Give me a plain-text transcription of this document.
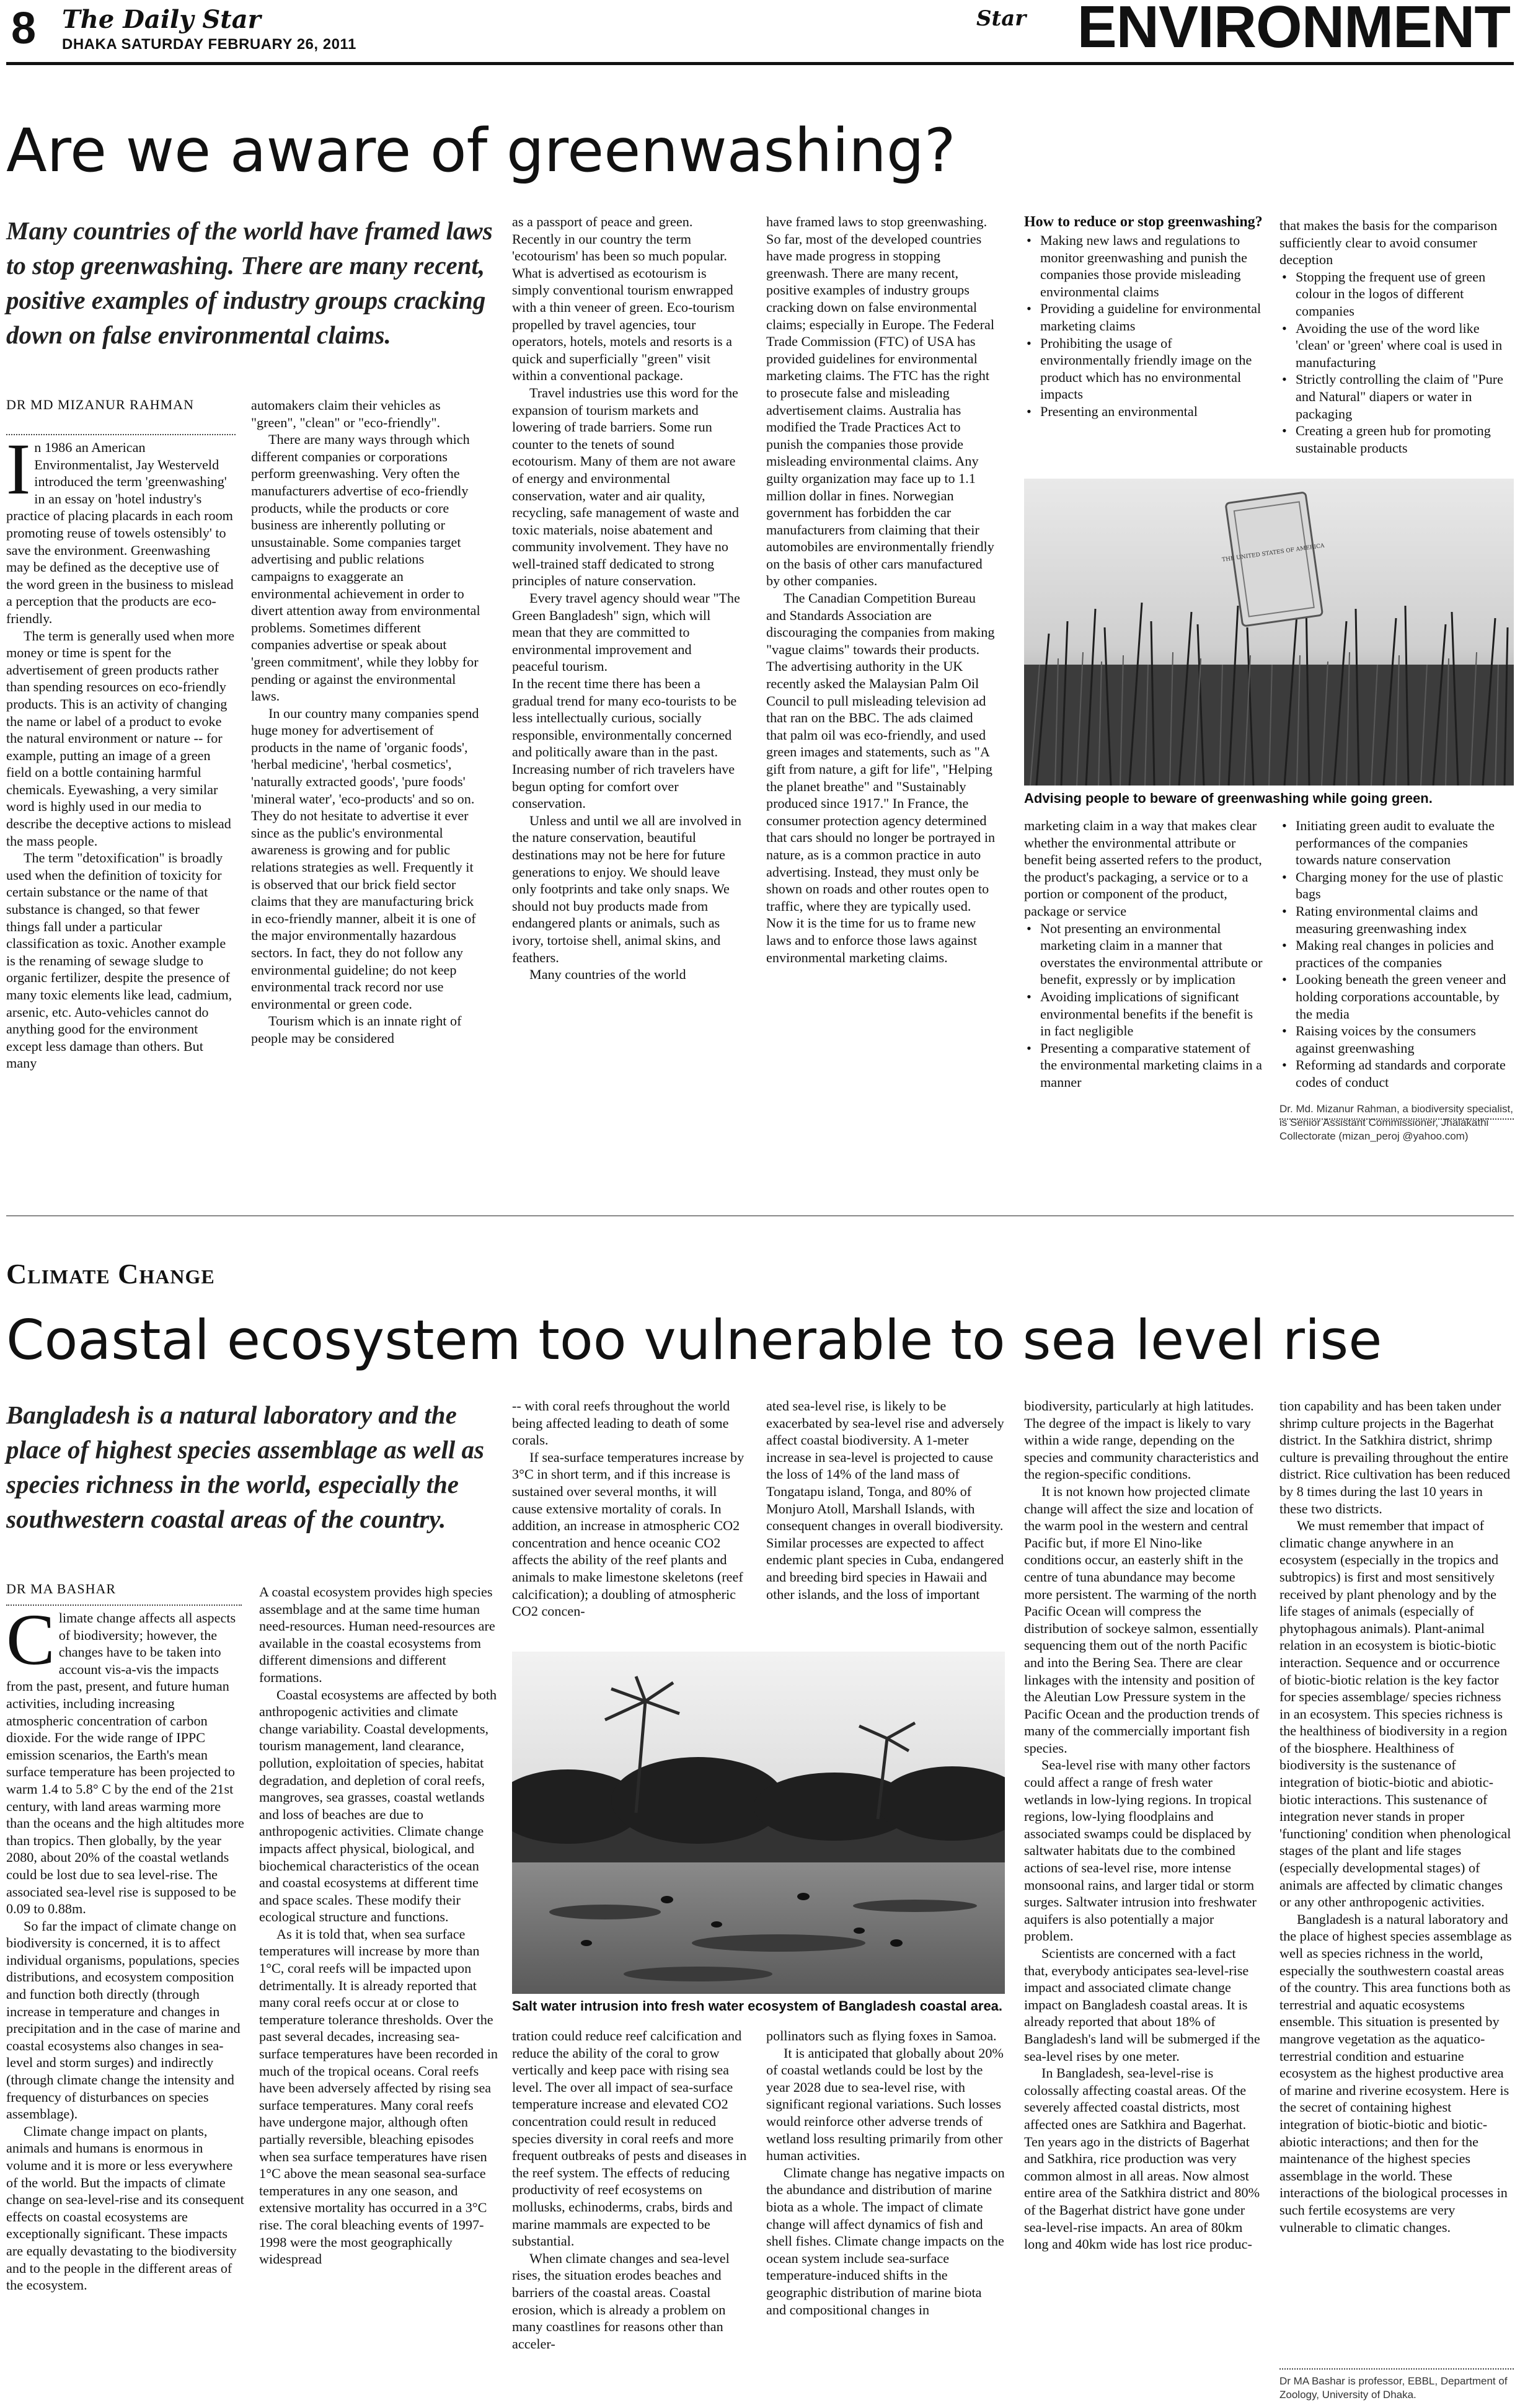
8 The Daily Star
DHAKA SATURDAY FEBRUARY 26, 2011
Star ENVIRONMENT
Are we aware of greenwashing?
Many countries of the world have framed laws to stop greenwashing. There are many recent, positive examples of industry groups cracking down on false environmental claims.
DR MD MIZANUR RAHMAN

In 1986 an American Environmentalist, Jay Westerveld introduced the term 'greenwashing' in an essay on 'hotel industry's practice of placing placards in each room promoting reuse of towels ostensibly' to save the environment. Greenwashing may be defined as the deceptive use of the word green in the business to mislead a perception that the products are eco-friendly.

The term is generally used when more money or time is spent for the advertisement of green products rather than spending resources on eco-friendly products. This is an activity of changing the name or label of a product to evoke the natural environment or nature -- for example, putting an image of a green field on a bottle containing harmful chemicals. Eyewashing, a very similar word is highly used in our media to describe the deceptive actions to mislead the mass people.

The term "detoxification" is broadly used when the definition of toxicity for certain substance or the name of that substance is changed, so that fewer things fall under a particular classification as toxic. Another example is the renaming of sewage sludge to organic fertilizer, despite the presence of many toxic elements like lead, cadmium, arsenic, etc. Auto-vehicles cannot do anything good for the environment except less damage than others. But many

automakers claim their vehicles as "green", "clean" or "eco-friendly".

There are many ways through which different companies or corporations perform greenwashing. Very often the manufacturers advertise of eco-friendly products, while the products or core business are inherently polluting or unsustainable. Some companies target advertising and public relations campaigns to exaggerate an environmental achievement in order to divert attention away from environmental problems. Sometimes different companies advertise or speak about 'green commitment', while they lobby for pending or against the environmental laws.

In our country many companies spend huge money for advertisement of products in the name of 'organic foods', 'herbal medicine', 'herbal cosmetics', 'naturally extracted goods', 'pure foods' 'mineral water', 'eco-products' and so on. They do not hesitate to advertise it ever since as the public's environmental awareness is growing and for public relations strategies as well. Frequently it is observed that our brick field sector claims that they are manufacturing brick in eco-friendly manner, albeit it is one of the major environmentally hazardous sectors. In fact, they do not follow any environmental guideline; do not keep environmental track record nor use environmental or green code.

Tourism which is an innate right of people may be considered

as a passport of peace and green. Recently in our country the term 'ecotourism' has been so much popular. What is advertised as ecotourism is simply conventional tourism enwrapped with a thin veneer of green. Eco-tourism propelled by travel agencies, tour operators, hotels, motels and resorts is a quick and superficially "green" visit within a conventional package.

Travel industries use this word for the expansion of tourism markets and lowering of trade barriers. Some run counter to the tenets of sound ecotourism. Many of them are not aware of energy and environmental conservation, water and air quality, recycling, safe management of waste and toxic materials, noise abatement and community involvement. They have no well-trained staff dedicated to strong principles of nature conservation.

Every travel agency should wear "The Green Bangladesh" sign, which will mean that they are committed to environmental improvement and peaceful tourism.

In the recent time there has been a gradual trend for many eco-tourists to be less intellectually curious, socially responsible, environmentally concerned and politically aware than in the past. Increasing number of rich travelers have begun opting for comfort over conservation.

Unless and until we all are involved in the nature conservation, beautiful destinations may not be here for future generations to enjoy. We should leave only footprints and take only snaps. We should not buy products made from endangered plants or animals, such as ivory, tortoise shell, animal skins, and feathers.

Many countries of the world

have framed laws to stop greenwashing. So far, most of the developed countries have made progress in stopping greenwash. There are many recent, positive examples of industry groups cracking down on false environmental claims; especially in Europe. The Federal Trade Commission (FTC) of USA has provided guidelines for environmental marketing claims. The FTC has the right to prosecute false and misleading advertisement claims. Australia has modified the Trade Practices Act to punish the companies those provide misleading environmental claims. Any guilty organization may face up to 1.1 million dollar in fines. Norwegian government has forbidden the car manufacturers from claiming that their automobiles are environmentally friendly on the basis of other cars manufactured by other companies.

The Canadian Competition Bureau and Standards Association are discouraging the companies from making "vague claims" towards their products. The advertising authority in the UK recently asked the Malaysian Palm Oil Council to pull misleading television ad that ran on the BBC. The ads claimed that palm oil was eco-friendly, and used green images and statements, such as "A gift from nature, a gift for life", "Helping the planet breathe" and "Sustainably produced since 1917." In France, the consumer protection agency determined that cars should no longer be portrayed in nature, as is a common practice in auto advertising. Instead, they must only be shown on roads and other routes open to traffic, where they are typically used. Now it is the time for us to frame new laws and to enforce those laws against environmental marketing claims.

How to reduce or stop greenwashing?
• Making new laws and regulations to monitor greenwashing and punish the companies those provide misleading environmental claims
• Providing a guideline for environmental marketing claims
• Prohibiting the usage of environmentally friendly image on the product which has no environmental impacts
• Presenting an environmental
that makes the basis for the comparison sufficiently clear to avoid consumer deception
• Stopping the frequent use of green colour in the logos of different companies
• Avoiding the use of the word like 'clean' or 'green' where coal is used in manufacturing
• Strictly controlling the claim of "Pure and Natural" diapers or water in packaging
• Creating a green hub for promoting sustainable products
THE UNITED STATES OF AMERICA
Advising people to beware of greenwashing while going green.
marketing claim in a way that makes clear whether the environmental attribute or benefit being asserted refers to the product, the product's packaging, a service or to a portion or component of the product, package or service
• Not presenting an environmental marketing claim in a manner that overstates the environmental attribute or benefit, expressly or by implication
• Avoiding implications of significant environmental benefits if the benefit is in fact negligible
• Presenting a comparative statement of the environmental marketing claims in a manner
• Initiating green audit to evaluate the performances of the companies towards nature conservation
• Charging money for the use of plastic bags
• Rating environmental claims and measuring greenwashing index
• Making real changes in policies and practices of the companies
• Looking beneath the green veneer and holding corporations accountable, by the media
• Raising voices by the consumers against greenwashing
• Reforming ad standards and corporate codes of conduct
Dr. Md. Mizanur Rahman, a biodiversity specialist, is Senior Assistant Commissioner, Jhalakathi Collectorate (mizan_peroj @yahoo.com)
Climate Change
Coastal ecosystem too vulnerable to sea level rise
Bangladesh is a natural laboratory and the place of highest species assemblage as well as species richness in the world, especially the southwestern coastal areas of the country.
DR MA BASHAR

Climate change affects all aspects of biodiversity; however, the changes have to be taken into account vis-a-vis the impacts from the past, present, and future human activities, including increasing atmospheric concentration of carbon dioxide. For the wide range of IPPC emission scenarios, the Earth's mean surface temperature has been projected to warm 1.4 to 5.8° C by the end of the 21st century, with land areas warming more than the oceans and the high altitudes more than tropics. Then globally, by the year 2080, about 20% of the coastal wetlands could be lost due to sea level-rise. The associated sea-level rise is supposed to be 0.09 to 0.88m.

So far the impact of climate change on biodiversity is concerned, it is to affect individual organisms, populations, species distributions, and ecosystem composition and function both directly (through increase in temperature and changes in precipitation and in the case of marine and coastal ecosystems also changes in sea-level and storm surges) and indirectly (through climate change the intensity and frequency of disturbances on species assemblage).

Climate change impact on plants, animals and humans is enormous in volume and it is more or less everywhere of the world. But the impacts of climate change on sea-level-rise and its consequent effects on coastal ecosystems are exceptionally significant. These impacts are equally devastating to the biodiversity and to the people in the different areas of the ecosystem.

A coastal ecosystem provides high species assemblage and at the same time human need-resources. Human need-resources are available in the coastal ecosystems from different dimensions and different formations.

Coastal ecosystems are affected by both anthropogenic activities and climate change variability. Coastal developments, tourism management, land clearance, pollution, exploitation of species, habitat degradation, and depletion of coral reefs, mangroves, sea grasses, coastal wetlands and loss of beaches are due to anthropogenic activities. Climate change impacts affect physical, biological, and biochemical characteristics of the ocean and coastal ecosystems at different time and space scales. These modify their ecological structure and functions.

As it is told that, when sea surface temperatures will increase by more than 1°C, coral reefs will be impacted upon detrimentally. It is already reported that many coral reefs occur at or close to temperature tolerance thresholds. Over the past several decades, increasing sea-surface temperatures have been recorded in much of the tropical oceans. Coral reefs have been adversely affected by rising sea surface temperatures. Many coral reefs have undergone major, although often partially reversible, bleaching episodes when sea surface temperatures have risen 1°C above the mean seasonal sea-surface temperatures in any one season, and extensive mortality has occurred in a 3°C rise. The coral bleaching events of 1997-1998 were the most geographically widespread

-- with coral reefs throughout the world being affected leading to death of some corals.

If sea-surface temperatures increase by 3°C in short term, and if this increase is sustained over several months, it will cause extensive mortality of corals. In addition, an increase in atmospheric CO2 concentration and hence oceanic CO2 affects the ability of the reef plants and animals to make limestone skeletons (reef calcification); a doubling of atmospheric CO2 concen-

ated sea-level rise, is likely to be exacerbated by sea-level rise and adversely affect coastal biodiversity. A 1-meter increase in sea-level is projected to cause the loss of 14% of the land mass of Tongatapu island, Tonga, and 80% of Monjuro Atoll, Marshall Islands, with consequent changes in overall biodiversity. Similar processes are expected to affect endemic plant species in Cuba, endangered and breeding bird species in Hawaii and other islands, and the loss of important

Salt water intrusion into fresh water ecosystem of Bangladesh coastal area.

tration could reduce reef calcification and reduce the ability of the coral to grow vertically and keep pace with rising sea level. The over all impact of sea-surface temperature increase and elevated CO2 concentration could result in reduced species diversity in coral reefs and more frequent outbreaks of pests and diseases in the reef system. The effects of reducing productivity of reef ecosystems on mollusks, echinoderms, crabs, birds and marine mammals are expected to be substantial.

When climate changes and sea-level rises, the situation erodes beaches and barriers of the coastal areas. Coastal erosion, which is already a problem on many coastlines for reasons other than acceler-

pollinators such as flying foxes in Samoa.

It is anticipated that globally about 20% of coastal wetlands could be lost by the year 2028 due to sea-level rise, with significant regional variations. Such losses would reinforce other adverse trends of wetland loss resulting primarily from other human activities.

Climate change has negative impacts on the abundance and distribution of marine biota as a whole. The impact of climate change will affect dynamics of fish and shell fishes. Climate change impacts on the ocean system include sea-surface temperature-induced shifts in the geographic distribution of marine biota and compositional changes in

biodiversity, particularly at high latitudes. The degree of the impact is likely to vary within a wide range, depending on the species and community characteristics and the region-specific conditions.

It is not known how projected climate change will affect the size and location of the warm pool in the western and central Pacific but, if more El Nino-like conditions occur, an easterly shift in the centre of tuna abundance may become more persistent. The warming of the north Pacific Ocean will compress the distribution of sockeye salmon, essentially sequencing them out of the north Pacific and into the Bering Sea. There are clear linkages with the intensity and position of the Aleutian Low Pressure system in the Pacific Ocean and the production trends of many of the commercially important fish species.

Sea-level rise with many other factors could affect a range of fresh water wetlands in low-lying regions. In tropical regions, low-lying floodplains and associated swamps could be displaced by saltwater habitats due to the combined actions of sea-level rise, more intense monsoonal rains, and larger tidal or storm surges. Saltwater intrusion into freshwater aquifers is also potentially a major problem.

Scientists are concerned with a fact that, everybody anticipates sea-level-rise impact and associated climate change impact on Bangladesh coastal areas. It is already reported that about 18% of Bangladesh's land will be submerged if the sea-level rises by one meter.

In Bangladesh, sea-level-rise is colossally affecting coastal areas. Of the severely affected coastal districts, most affected ones are Satkhira and Bagerhat. Ten years ago in the districts of Bagerhat and Satkhira, rice production was very common almost in all areas. Now almost entire area of the Satkhira district and 80% of the Bagerhat district have gone under sea-level-rise impacts. An area of 80km long and 40km wide has lost rice produc-

tion capability and has been taken under shrimp culture projects in the Bagerhat district. In the Satkhira district, shrimp culture is prevailing throughout the entire district. Rice cultivation has been reduced by 8 times during the last 10 years in these two districts.

We must remember that impact of climatic change anywhere in an ecosystem (especially in the tropics and subtropics) is first and most sensitively received by plant phenology and by the life stages of animals (especially of phytophagous animals). Plant-animal relation in an ecosystem is biotic-biotic interaction. Sequence and or occurrence of biotic-biotic relation is the key factor for species assemblage/ species richness in an ecosystem. This species richness is the healthiness of biodiversity in a region of the biosphere. Healthiness of biodiversity is the sustenance of integration of biotic-biotic and abiotic-biotic interactions. This sustenance of integration never stands in proper 'functioning' condition when phenological stages of the plant and life stages (especially developmental stages) of animals are affected by climatic changes or any other anthropogenic activities.

Bangladesh is a natural laboratory and the place of highest species assemblage as well as species richness in the world, especially the southwestern coastal areas of the country. This area functions both as terrestrial and aquatic ecosystems ensemble. This situation is presented by mangrove vegetation as the aquatico-terrestrial condition and estuarine ecosystem as the highest productive area of marine and riverine ecosystem. Here is the secret of containing highest integration of biotic-biotic and biotic-abiotic interactions; and then for the maintenance of the highest species assemblage in the world. These interactions of the biological processes in such fertile ecosystems are very vulnerable to climatic changes.

Dr MA Bashar is professor, EBBL, Department of Zoology, University of Dhaka.
